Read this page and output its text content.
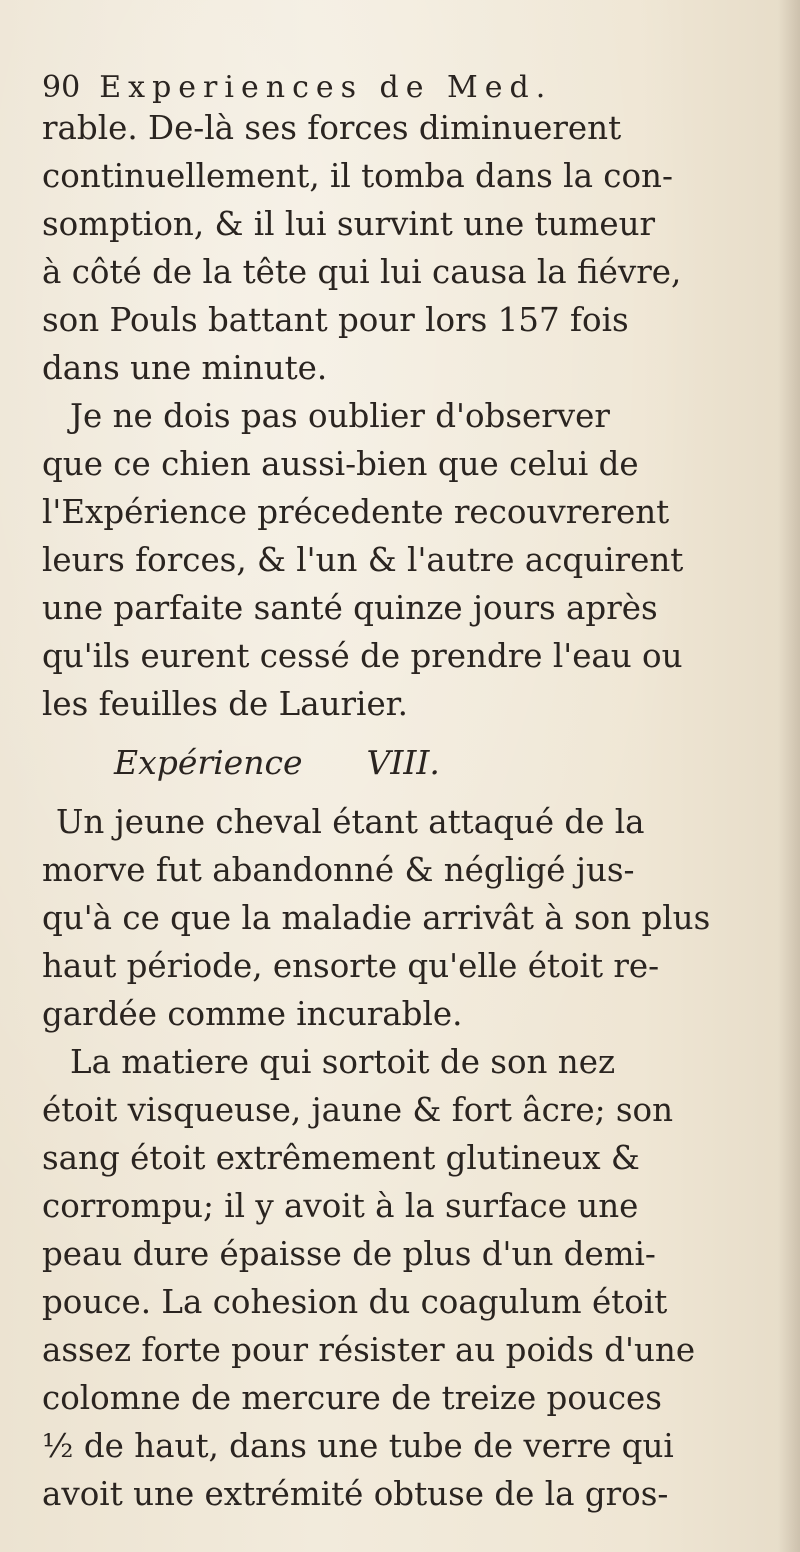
90 Experiences de Med.
rable. De-là ses forces diminuerent
continuellement, il tomba dans la con-
somption, & il lui survint une tumeur
à côté de la tête qui lui causa la fiévre,
son Pouls battant pour lors 157 fois
dans une minute.
Je ne dois pas oublier d'observer
que ce chien aussi-bien que celui de
l'Expérience précedente recouvrerent
leurs forces, & l'un & l'autre acquirent
une parfaite santé quinze jours après
qu'ils eurent cessé de prendre l'eau ou
les feuilles de Laurier.
Expérience VIII.
Un jeune cheval étant attaqué de la
morve fut abandonné & négligé jus-
qu'à ce que la maladie arrivât à son plus
haut période, ensorte qu'elle étoit re-
gardée comme incurable.
La matiere qui sortoit de son nez
étoit visqueuse, jaune & fort âcre; son
sang étoit extrêmement glutineux &
corrompu; il y avoit à la surface une
peau dure épaisse de plus d'un demi-
pouce. La cohesion du coagulum étoit
assez forte pour résister au poids d'une
colomne de mercure de treize pouces
½ de haut, dans une tube de verre qui
avoit une extrémité obtuse de la gros-
